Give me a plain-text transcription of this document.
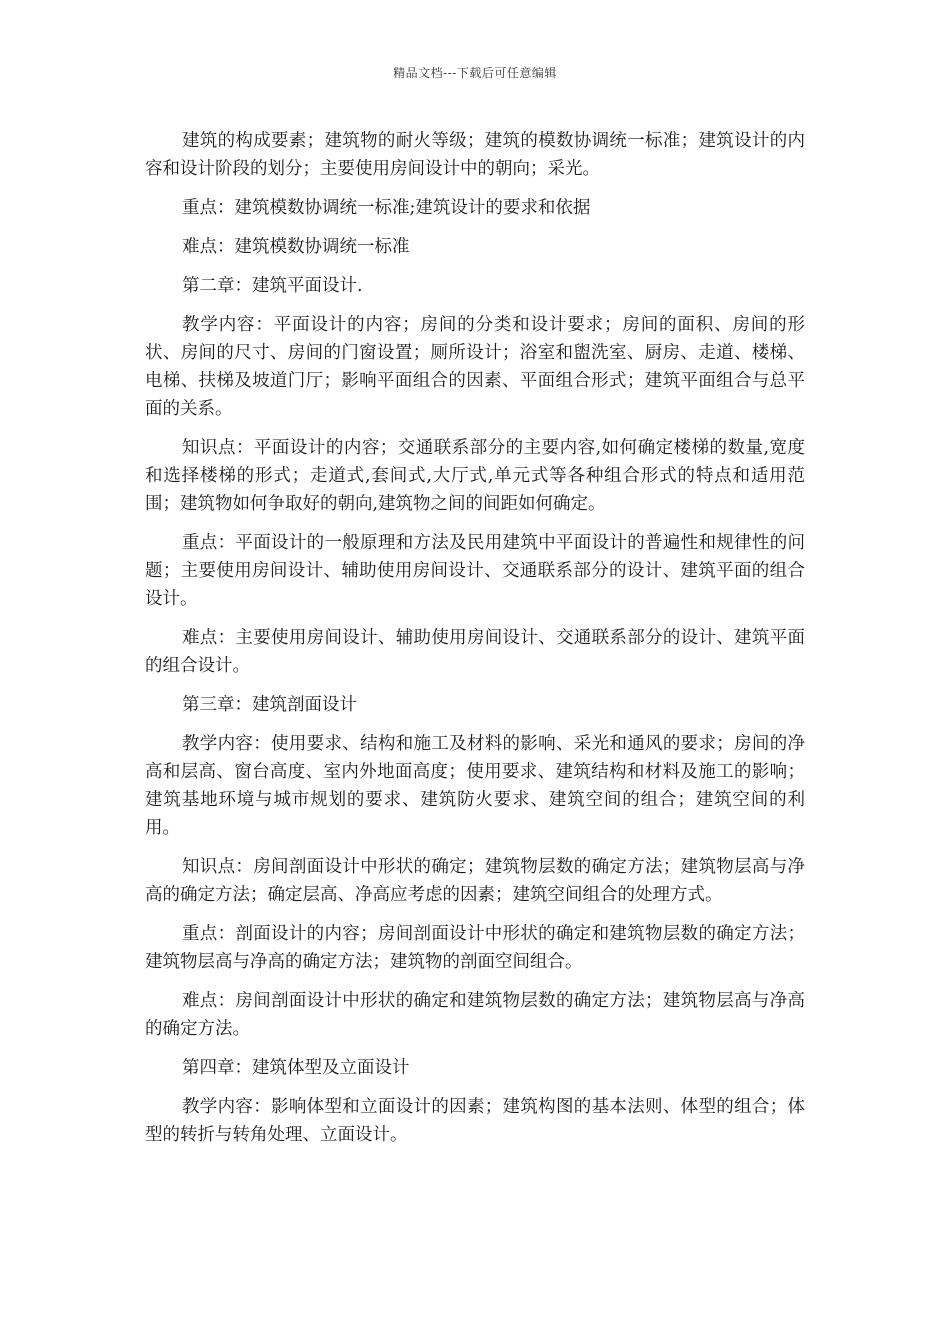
精品文档---下载后可任意编辑

建筑的构成要素；建筑物的耐火等级；建筑的模数协调统一标准；建筑设计的内容和设计阶段的划分；主要使用房间设计中的朝向；采光。

重点：建筑模数协调统一标准;建筑设计的要求和依据

难点：建筑模数协调统一标准

第二章：建筑平面设计.

教学内容：平面设计的内容；房间的分类和设计要求；房间的面积、房间的形状、房间的尺寸、房间的门窗设置；厕所设计；浴室和盥洗室、厨房、走道、楼梯、电梯、扶梯及坡道门厅；影响平面组合的因素、平面组合形式；建筑平面组合与总平面的关系。

知识点：平面设计的内容；交通联系部分的主要内容,如何确定楼梯的数量,宽度和选择楼梯的形式；走道式,套间式,大厅式,单元式等各种组合形式的特点和适用范围；建筑物如何争取好的朝向,建筑物之间的间距如何确定。

重点：平面设计的一般原理和方法及民用建筑中平面设计的普遍性和规律性的问题；主要使用房间设计、辅助使用房间设计、交通联系部分的设计、建筑平面的组合设计。

难点：主要使用房间设计、辅助使用房间设计、交通联系部分的设计、建筑平面的组合设计。

第三章：建筑剖面设计

教学内容：使用要求、结构和施工及材料的影响、采光和通风的要求；房间的净高和层高、窗台高度、室内外地面高度；使用要求、建筑结构和材料及施工的影响；建筑基地环境与城市规划的要求、建筑防火要求、建筑空间的组合；建筑空间的利用。

知识点：房间剖面设计中形状的确定；建筑物层数的确定方法；建筑物层高与净高的确定方法；确定层高、净高应考虑的因素；建筑空间组合的处理方式。

重点：剖面设计的内容；房间剖面设计中形状的确定和建筑物层数的确定方法；建筑物层高与净高的确定方法；建筑物的剖面空间组合。

难点：房间剖面设计中形状的确定和建筑物层数的确定方法；建筑物层高与净高的确定方法。

第四章：建筑体型及立面设计

教学内容：影响体型和立面设计的因素；建筑构图的基本法则、体型的组合；体型的转折与转角处理、立面设计。
